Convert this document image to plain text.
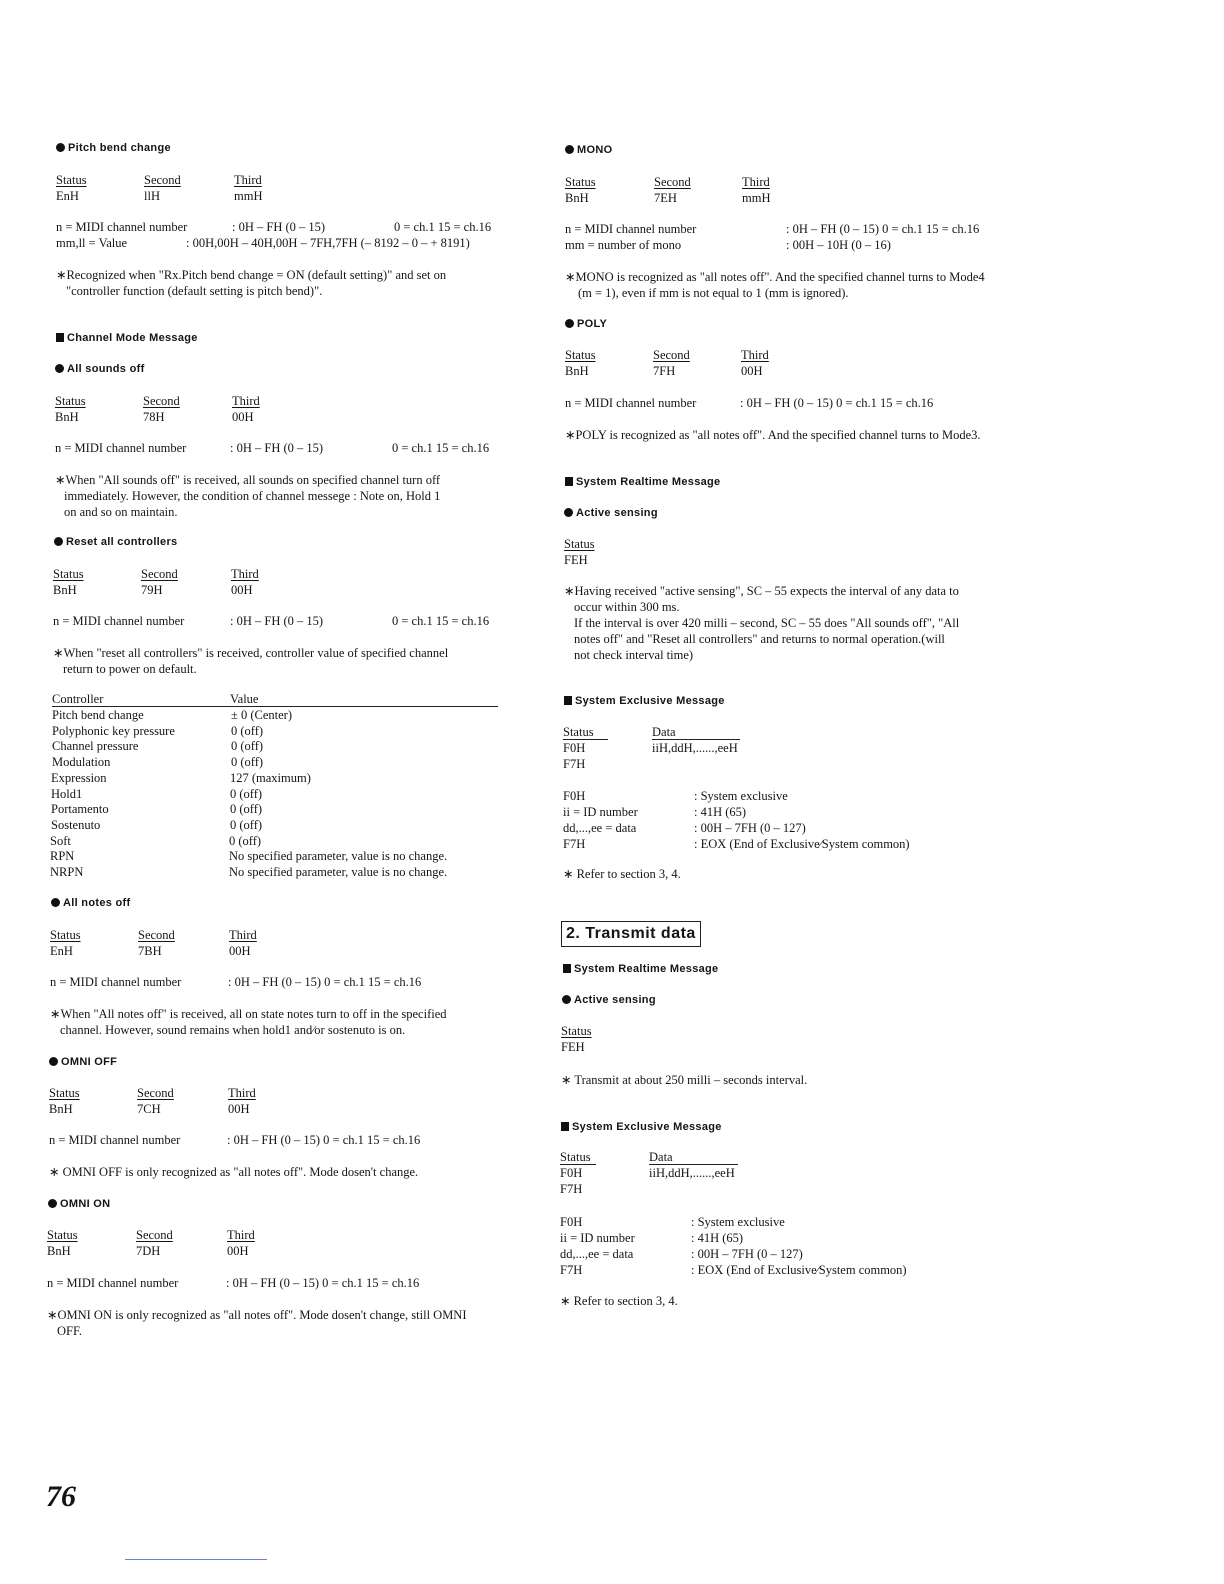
Pitch bend change
Status	Second	Third
EnH	llH	mmH
n = MIDI channel number	: 0H – FH (0 – 15)	0 = ch.1 15 = ch.16
mm,ll = Value	: 00H,00H – 40H,00H – 7FH,7FH (– 8192 – 0 – + 8191)
∗Recognized when "Rx.Pitch bend change = ON (default setting)" and set on
"controller function (default setting is pitch bend)".
Channel Mode Message
All sounds off
Status	Second	Third
BnH	78H	00H
n = MIDI channel number	: 0H – FH (0 – 15)	0 = ch.1 15 = ch.16
∗When "All sounds off" is received, all sounds on specified channel turn off
immediately. However, the condition of channel messege : Note on, Hold 1
on and so on maintain.
Reset all controllers
Status	Second	Third
BnH	79H	00H
n = MIDI channel number	: 0H – FH (0 – 15)	0 = ch.1 15 = ch.16
∗When "reset all controllers" is received, controller value of specified channel
return to power on default.
Controller	Value
Pitch bend change	± 0 (Center)
Polyphonic key pressure	0 (off)
Channel pressure	0 (off)
Modulation	0 (off)
Expression	127 (maximum)
Hold1	0 (off)
Portamento	0 (off)
Sostenuto	0 (off)
Soft	0 (off)
RPN	No specified parameter, value is no change.
NRPN	No specified parameter, value is no change.
All notes off
Status	Second	Third
EnH	7BH	00H
n = MIDI channel number	: 0H – FH (0 – 15) 0 = ch.1 15 = ch.16
∗When "All notes off" is received, all on state notes turn to off in the specified
channel. However, sound remains when hold1 and∕or sostenuto is on.
OMNI OFF
Status	Second	Third
BnH	7CH	00H
n = MIDI channel number	: 0H – FH (0 – 15) 0 = ch.1 15 = ch.16
∗ OMNI OFF is only recognized as "all notes off". Mode dosen't change.
OMNI ON
Status	Second	Third
BnH	7DH	00H
n = MIDI channel number	: 0H – FH (0 – 15) 0 = ch.1 15 = ch.16
∗OMNI ON is only recognized as "all notes off". Mode dosen't change, still OMNI
OFF.
MONO
Status	Second	Third
BnH	7EH	mmH
n = MIDI channel number	: 0H – FH (0 – 15) 0 = ch.1 15 = ch.16
mm = number of mono	: 00H – 10H (0 – 16)
∗MONO is recognized as "all notes off". And the specified channel turns to Mode4
(m = 1), even if mm is not equal to 1 (mm is ignored).
POLY
Status	Second	Third
BnH	7FH	00H
n = MIDI channel number	: 0H – FH (0 – 15) 0 = ch.1 15 = ch.16
∗POLY is recognized as "all notes off". And the specified channel turns to Mode3.
System Realtime Message
Active sensing
Status
FEH
∗Having received "active sensing", SC – 55 expects the interval of any data to
occur within 300 ms.
If the interval is over 420 milli – second, SC – 55 does "All sounds off", "All
notes off" and "Reset all controllers" and returns to normal operation.(will
not check interval time)
System Exclusive Message
Status	Data
F0H	iiH,ddH,......,eeH
F7H
F0H	: System exclusive
ii = ID number	: 41H (65)
dd,...,ee = data	: 00H – 7FH (0 – 127)
F7H	: EOX (End of Exclusive∕System common)
∗ Refer to section 3, 4.
2. Transmit data
System Realtime Message
Active sensing
Status
FEH
∗ Transmit at about 250 milli – seconds interval.
System Exclusive Message
Status	Data
F0H	iiH,ddH,......,eeH
F7H
F0H	: System exclusive
ii = ID number	: 41H (65)
dd,...,ee = data	: 00H – 7FH (0 – 127)
F7H	: EOX (End of Exclusive∕System common)
∗ Refer to section 3, 4.
76
